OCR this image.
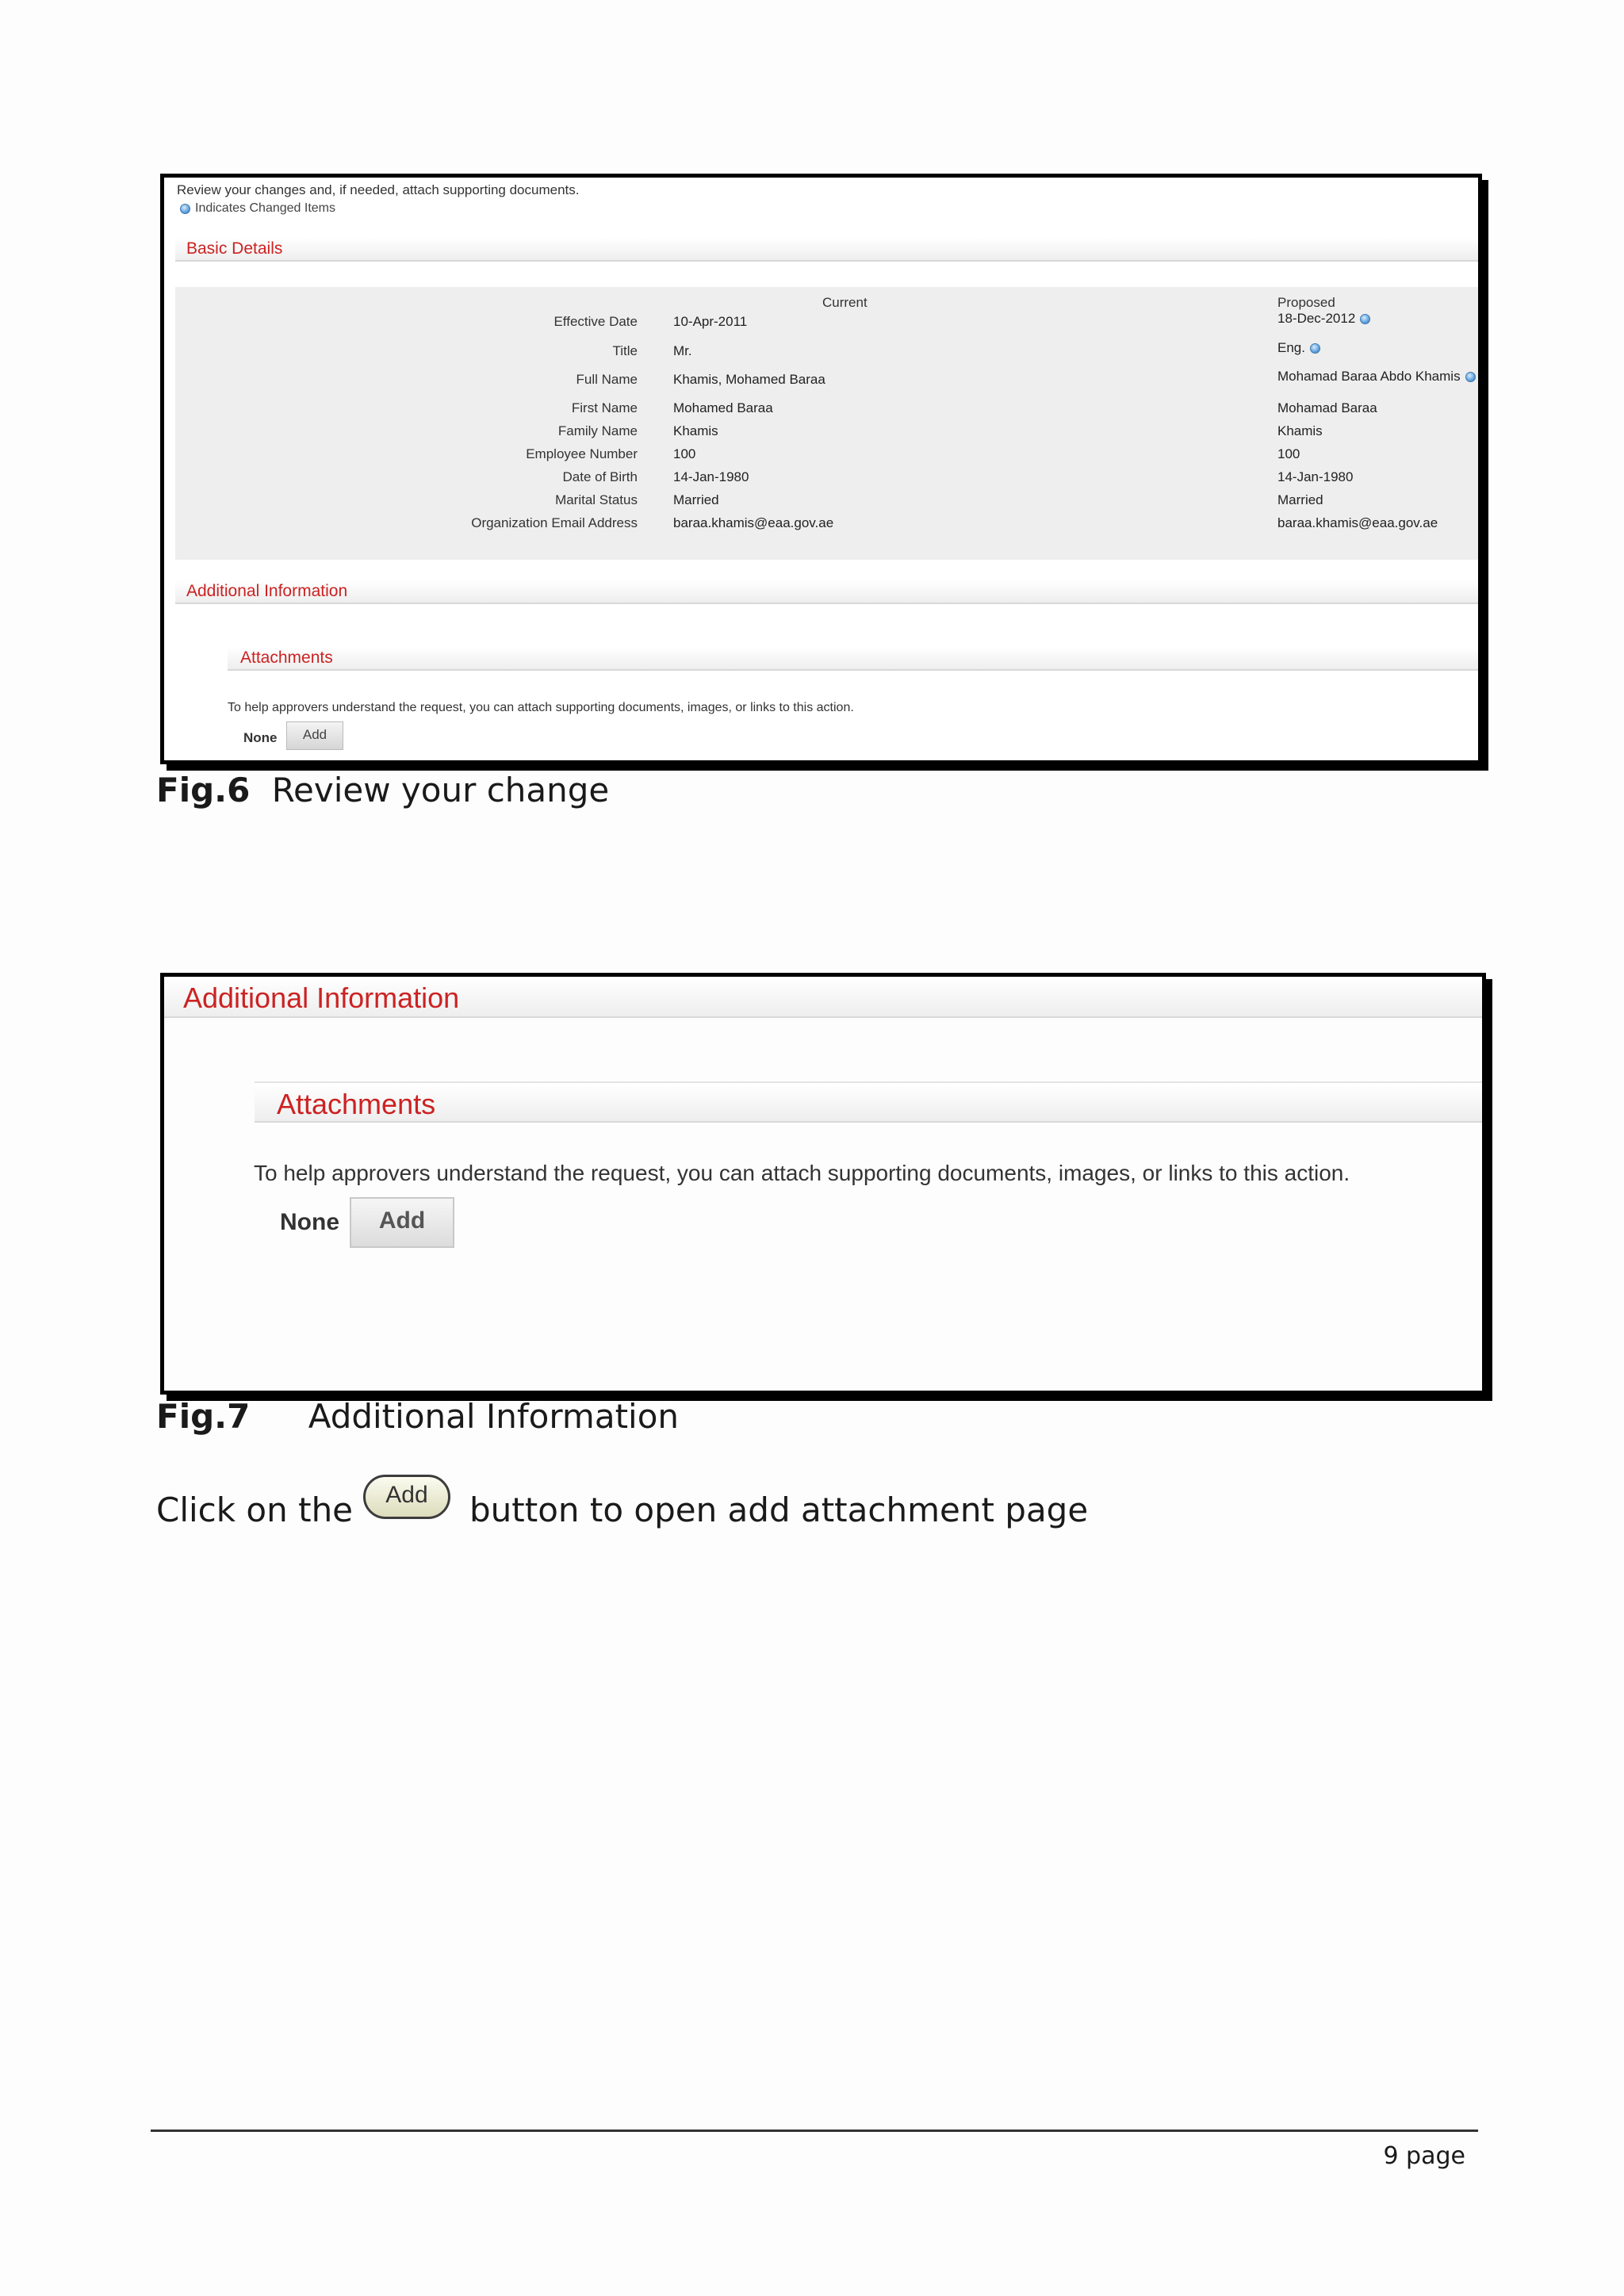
Review your changes and, if needed, attach supporting documents.
Indicates Changed Items
Basic Details
Current	Proposed
Effective Date	10-Apr-2011	18-Dec-2012
Title	Mr.	Eng.
Full Name	Khamis, Mohamed Baraa	Mohamad Baraa Abdo Khamis
First Name	Mohamed Baraa	Mohamad Baraa
Family Name	Khamis	Khamis
Employee Number	100	100
Date of Birth	14-Jan-1980	14-Jan-1980
Marital Status	Married	Married
Organization Email Address	baraa.khamis@eaa.gov.ae	baraa.khamis@eaa.gov.ae
Additional Information
Attachments
To help approvers understand the request, you can attach supporting documents, images, or links to this action.
None	Add
Fig.6 Review your change
Additional Information
Attachments
To help approvers understand the request, you can attach supporting documents, images, or links to this action.
None	Add
Fig.7 Additional Information
Click on the	Add	button to open add attachment page
9 page
